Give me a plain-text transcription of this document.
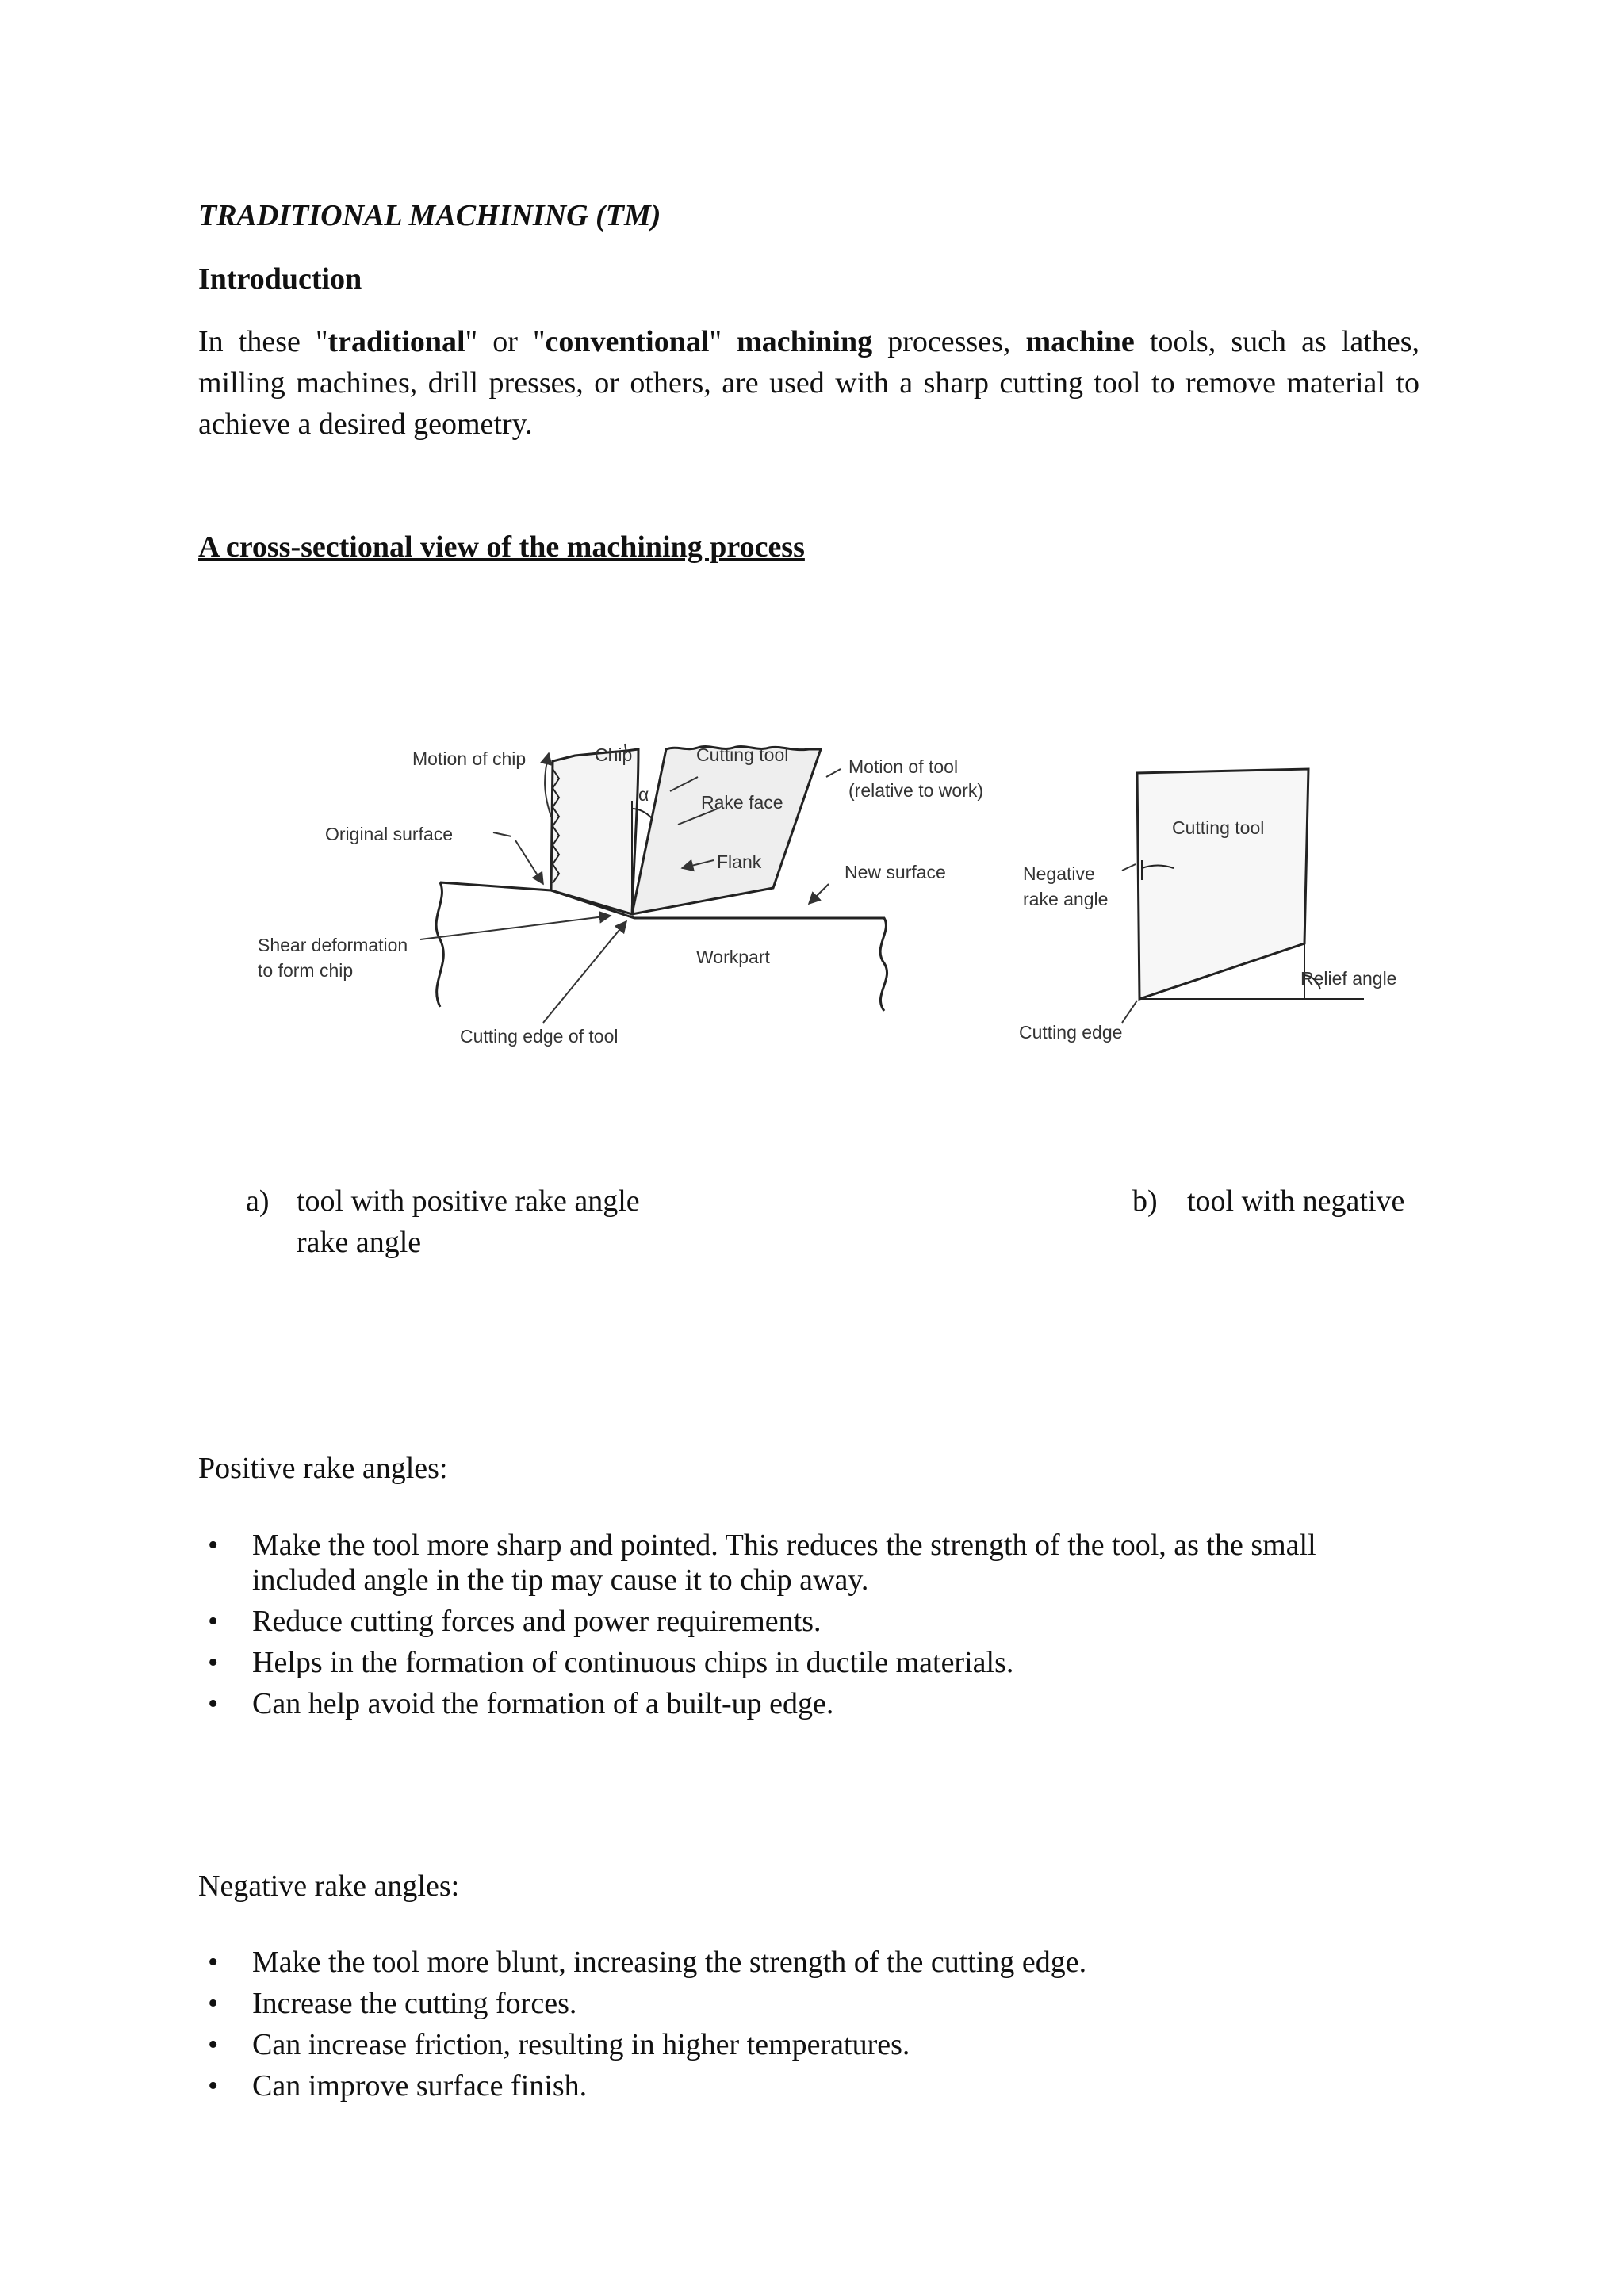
TRADITIONAL MACHINING (TM)
Introduction
In these "traditional" or "conventional" machining processes, machine tools, such as lathes, milling machines, drill presses, or others, are used with a sharp cutting tool to remove material to achieve a desired geometry.
A cross-sectional view of the machining process
Motion of chip	Chip	Cutting tool
Motion of tool
(relative to work)
α	Rake face
Original surface
Flank	New surface
Shear deformation
to form chip
Workpart
Cutting edge of tool
Cutting tool
Negative
rake angle
Relief angle
Cutting edge
a) tool with positive rake angle	b) tool with negative
rake angle
Positive rake angles:
• Make the tool more sharp and pointed. This reduces the strength of the tool, as the small included angle in the tip may cause it to chip away.
• Reduce cutting forces and power requirements.
• Helps in the formation of continuous chips in ductile materials.
• Can help avoid the formation of a built-up edge.
Negative rake angles:
• Make the tool more blunt, increasing the strength of the cutting edge.
• Increase the cutting forces.
• Can increase friction, resulting in higher temperatures.
• Can improve surface finish.
